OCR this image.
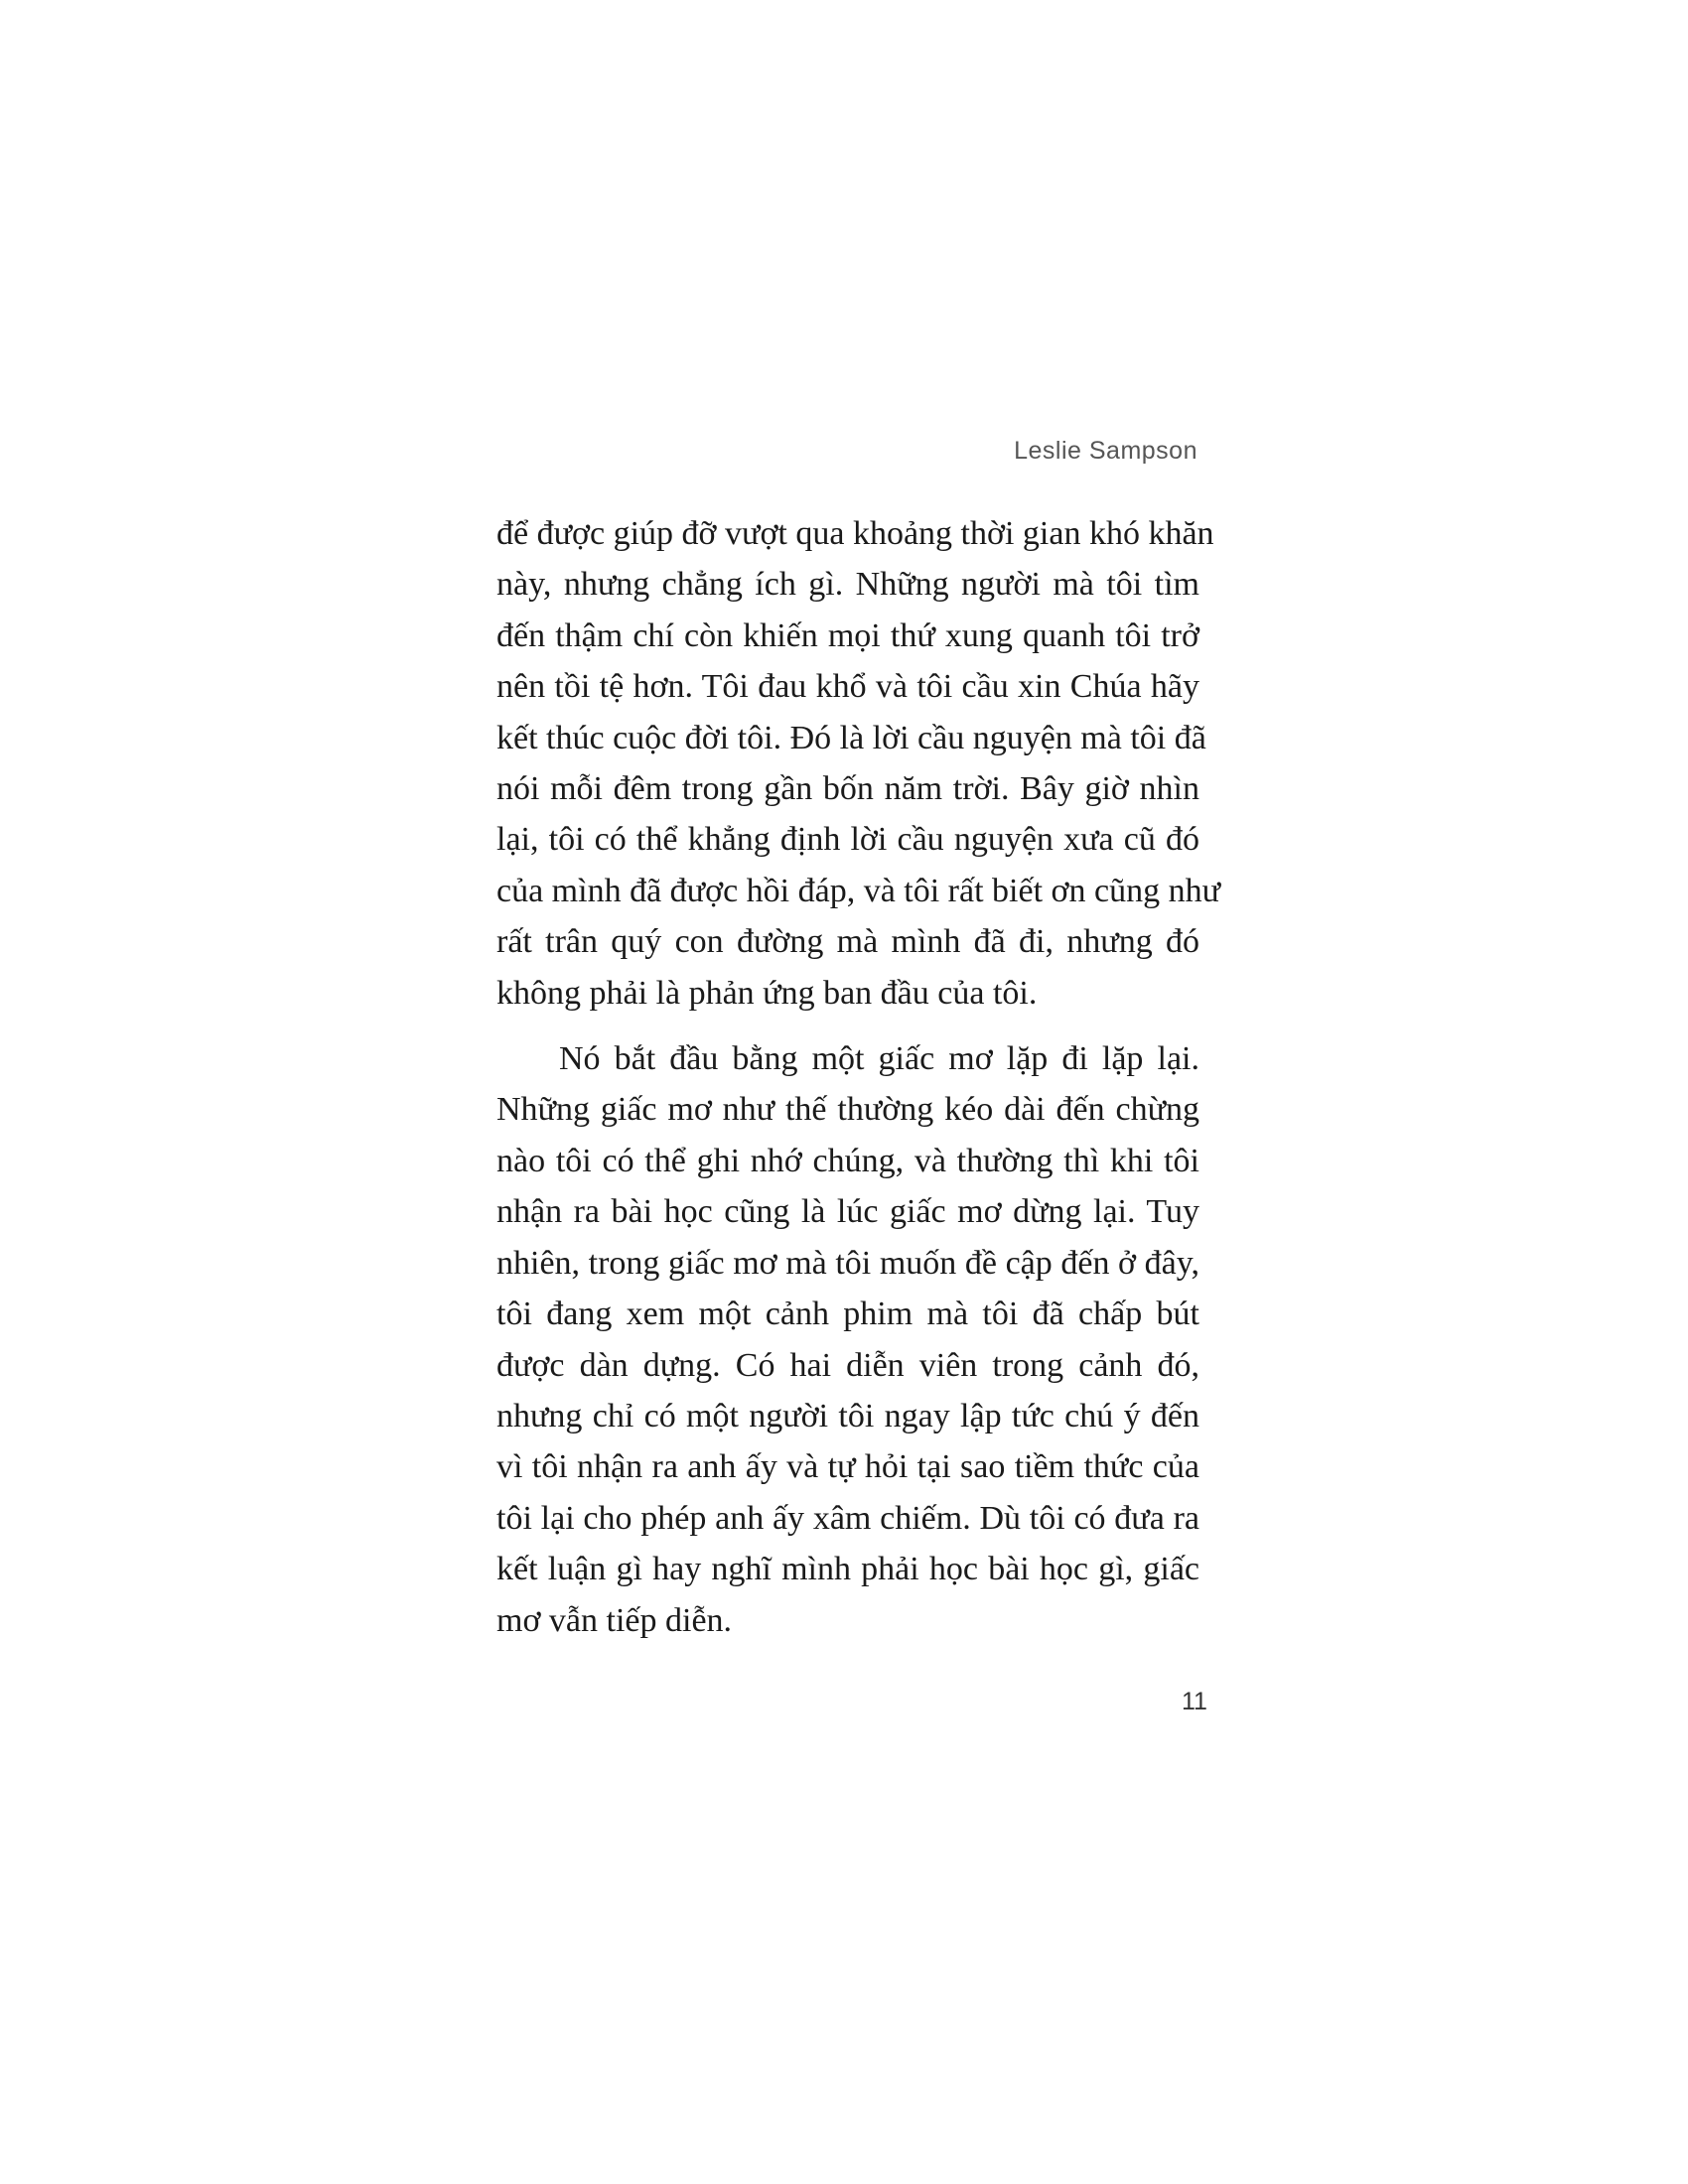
Leslie Sampson

để được giúp đỡ vượt qua khoảng thời gian khó khăn
này, nhưng chẳng ích gì. Những người mà tôi tìm
đến thậm chí còn khiến mọi thứ xung quanh tôi trở
nên tồi tệ hơn. Tôi đau khổ và tôi cầu xin Chúa hãy
kết thúc cuộc đời tôi. Đó là lời cầu nguyện mà tôi đã
nói mỗi đêm trong gần bốn năm trời. Bây giờ nhìn
lại, tôi có thể khẳng định lời cầu nguyện xưa cũ đó
của mình đã được hồi đáp, và tôi rất biết ơn cũng như
rất trân quý con đường mà mình đã đi, nhưng đó
không phải là phản ứng ban đầu của tôi.

Nó bắt đầu bằng một giấc mơ lặp đi lặp lại.
Những giấc mơ như thế thường kéo dài đến chừng
nào tôi có thể ghi nhớ chúng, và thường thì khi tôi
nhận ra bài học cũng là lúc giấc mơ dừng lại. Tuy
nhiên, trong giấc mơ mà tôi muốn đề cập đến ở đây,
tôi đang xem một cảnh phim mà tôi đã chấp bút
được dàn dựng. Có hai diễn viên trong cảnh đó,
nhưng chỉ có một người tôi ngay lập tức chú ý đến
vì tôi nhận ra anh ấy và tự hỏi tại sao tiềm thức của
tôi lại cho phép anh ấy xâm chiếm. Dù tôi có đưa ra
kết luận gì hay nghĩ mình phải học bài học gì, giấc
mơ vẫn tiếp diễn.

11
